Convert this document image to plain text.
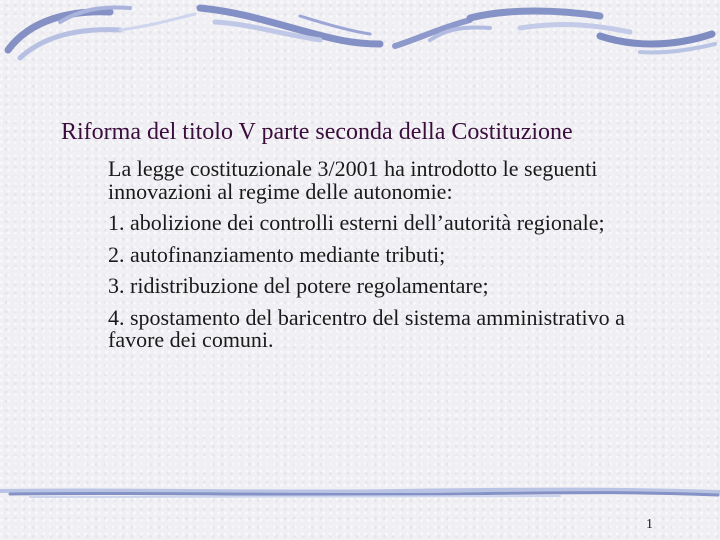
Riforma del titolo V parte seconda della Costituzione

La legge costituzionale 3/2001 ha introdotto le seguenti innovazioni al regime delle autonomie:

1. abolizione dei controlli esterni dell’autorità regionale;

2. autofinanziamento mediante tributi;

3. ridistribuzione del potere regolamentare;

4. spostamento del baricentro del sistema amministrativo a favore dei comuni.

1
